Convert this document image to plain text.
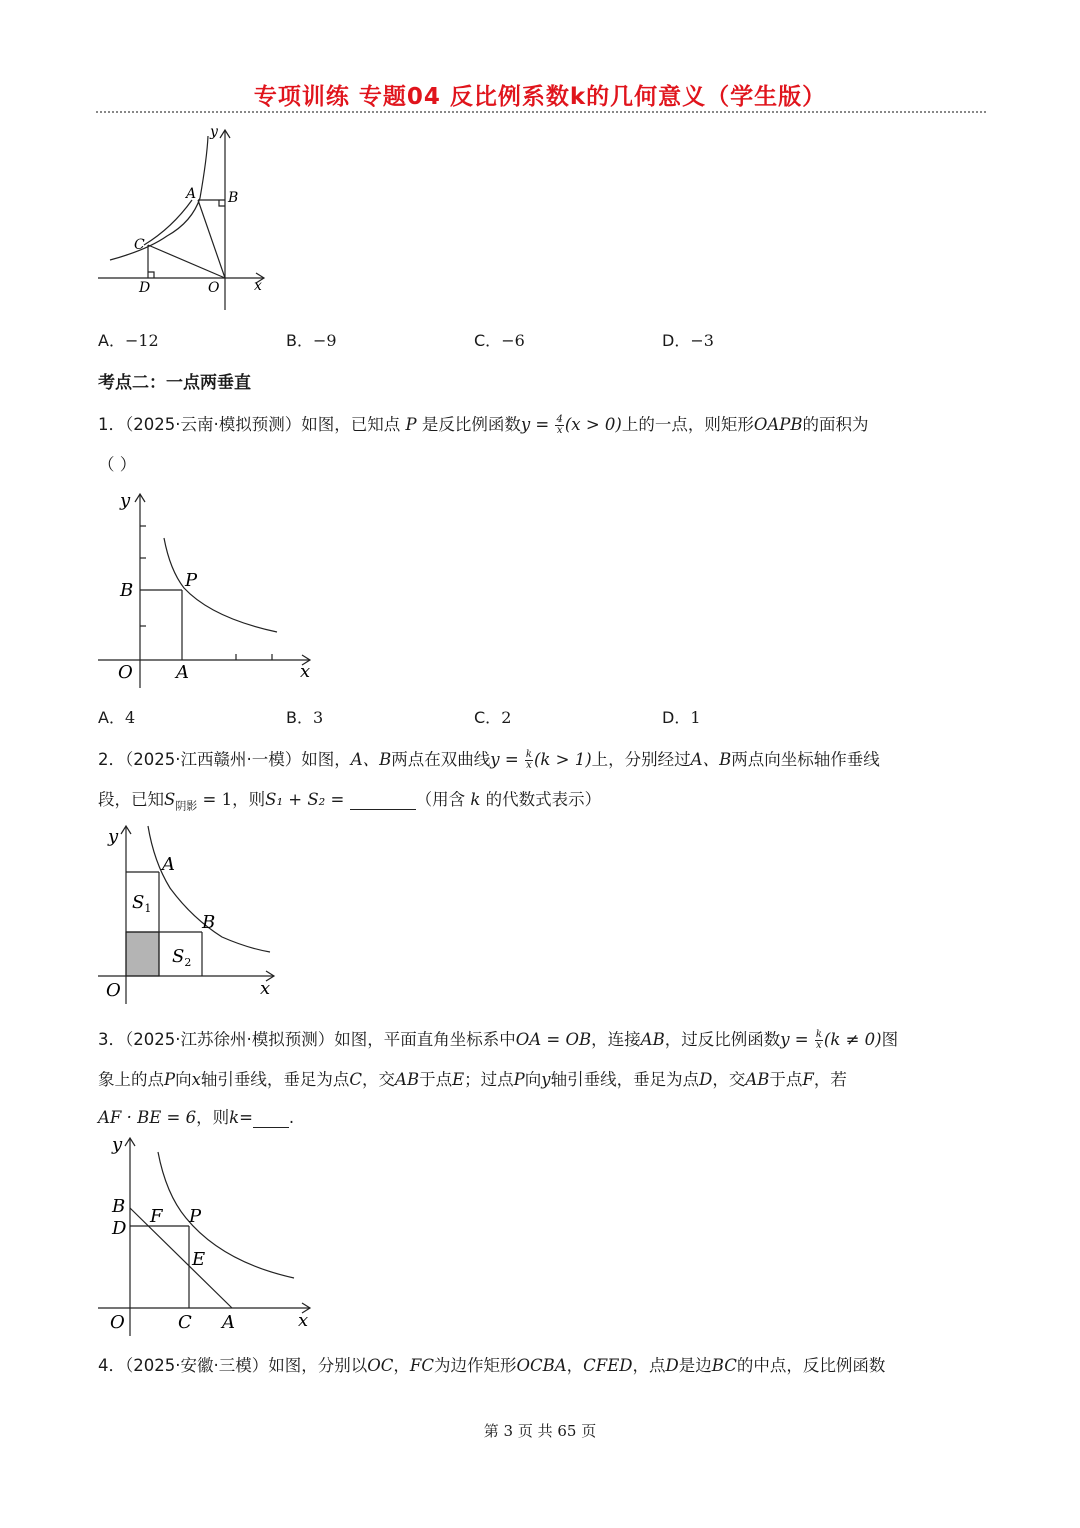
专项训练 专题04 反比例系数k的几何意义（学生版）
y
A B
C
D	O x
A．−12	B．−9	C．−6	D．−3
考点二：一点两垂直
1．（2025·云南·模拟预测）如图，已知点 P 是反比例函数$y = \frac{4}{x} (x > 0)$上的一点，则矩形OAPB的面积为
（ ）
y
x
O A
B	P
A．4	B．3	C．2	D．1
2．（2025·江西赣州·一模）如图，A、B两点在双曲线$y = \frac{k}{x} (k > 1)$上，分别经过A、B两点向坐标轴作垂线
段，已知$S_{阴影} = 1$，则S₁ + S₂ =	（用含 k 的代数式表示）
y
x
O
A
B
$S_1$
$S_2$
3．（2025·江苏徐州·模拟预测）如图，平面直角坐标系中OA = OB，连接AB，过反比例函数$y = \frac{k}{x} (k \ne 0)$图
象上的点P向x轴引垂线，垂足为点C，交AB于点E；过点P向y轴引垂线，垂足为点D，交AB于点F，若
AF · BE = 6，则k= .
y
x
O	C A
B
D
F P
E
4．（2025·安徽·三模）如图，分别以OC，FC为边作矩形OCBA，CFED，点D是边BC的中点，反比例函数
第 3 页 共 65 页
